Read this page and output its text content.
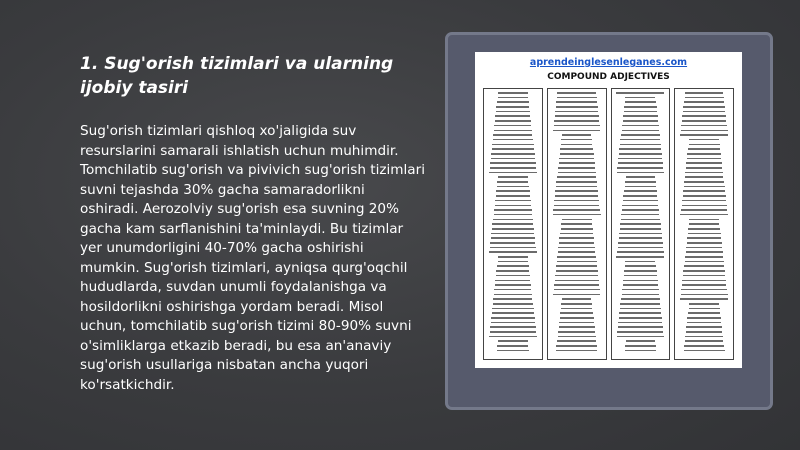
1. Sug'orish tizimlari va ularning ijobiy tasiri

Sug'orish tizimlari qishloq xo'jaligida suv resurslarini samarali ishlatish uchun muhimdir. Tomchilatib sug'orish va pivivich sug'orish tizimlari suvni tejashda 30% gacha samaradorlikni oshiradi. Aerozolviy sug'orish esa suvning 20% gacha kam sarflanishini ta'minlaydi. Bu tizimlar yer unumdorligini 40-70% gacha oshirishi mumkin. Sug'orish tizimlari, ayniqsa qurg'oqchil hududlarda, suvdan unumli foydalanishga va hosildorlikni oshirishga yordam beradi. Misol uchun, tomchilatib sug'orish tizimi 80-90% suvni o'simliklarga etkazib beradi, bu esa an'anaviy sug'orish usullariga nisbatan ancha yuqori ko'rsatkichdir.

aprendeinglesenleganes.com
COMPOUND ADJECTIVES
